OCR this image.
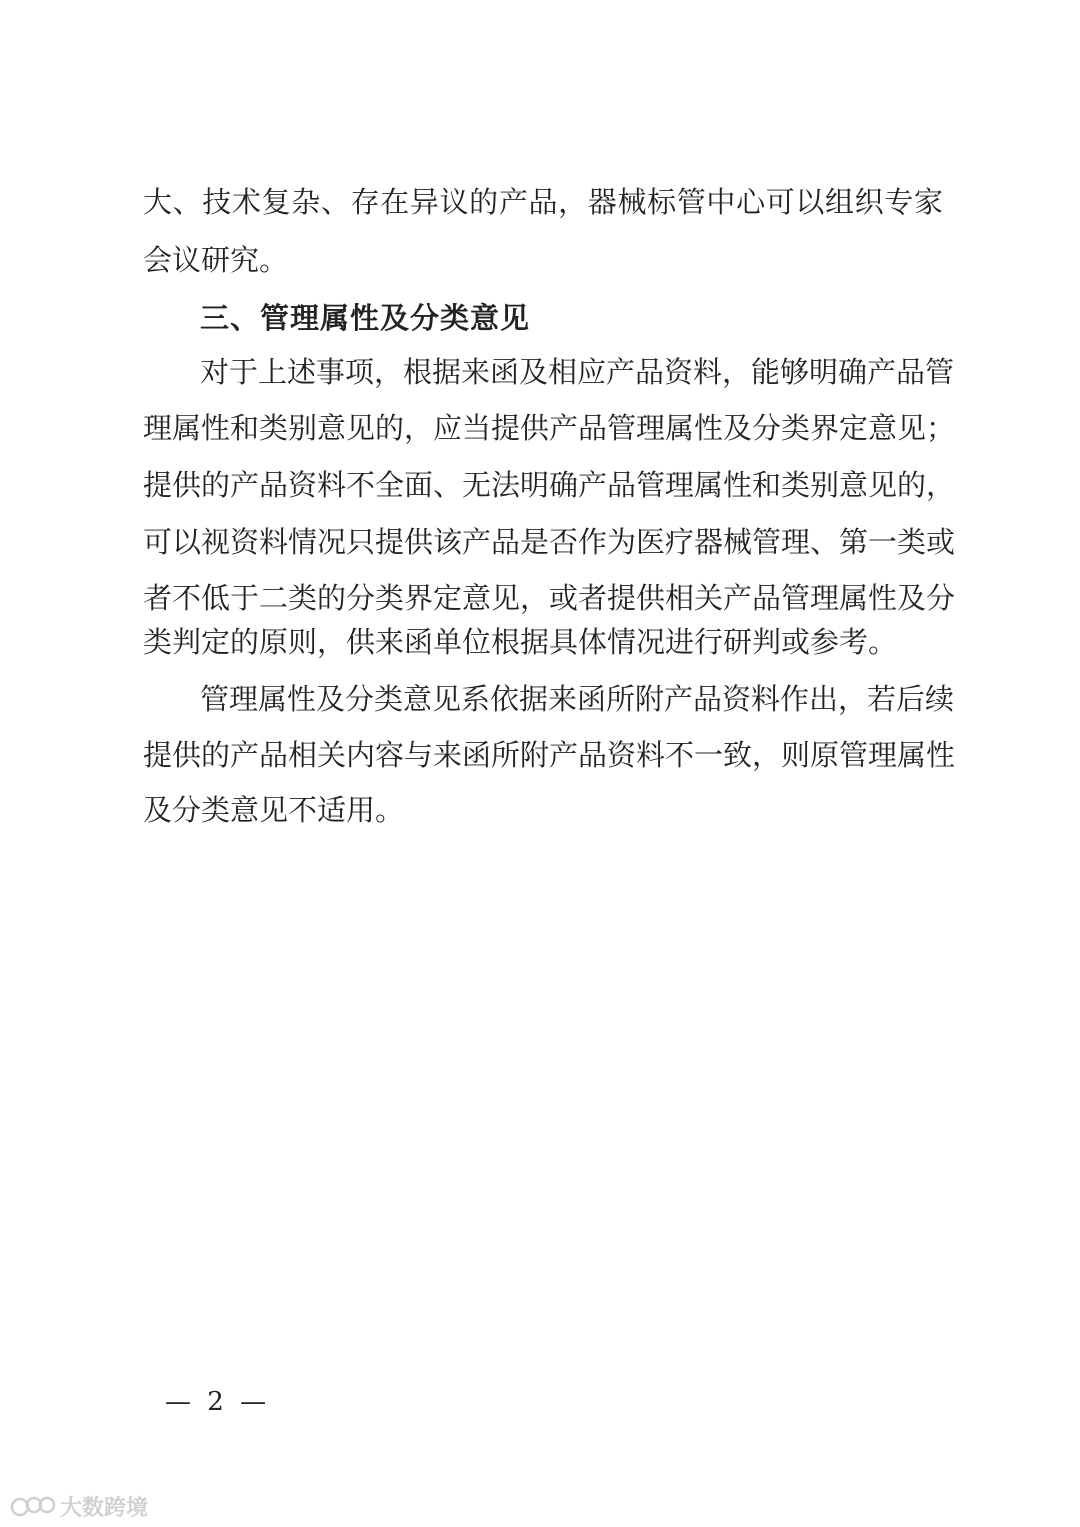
大、技术复杂、存在异议的产品，器械标管中心可以组织专家
会议研究。
三、管理属性及分类意见
对于上述事项，根据来函及相应产品资料，能够明确产品管
理属性和类别意见的，应当提供产品管理属性及分类界定意见；
提供的产品资料不全面、无法明确产品管理属性和类别意见的，
可以视资料情况只提供该产品是否作为医疗器械管理、第一类或
者不低于二类的分类界定意见，或者提供相关产品管理属性及分
类判定的原则，供来函单位根据具体情况进行研判或参考。
管理属性及分类意见系依据来函所附产品资料作出，若后续
提供的产品相关内容与来函所附产品资料不一致，则原管理属性
及分类意见不适用。
— 2 —
大数跨境
